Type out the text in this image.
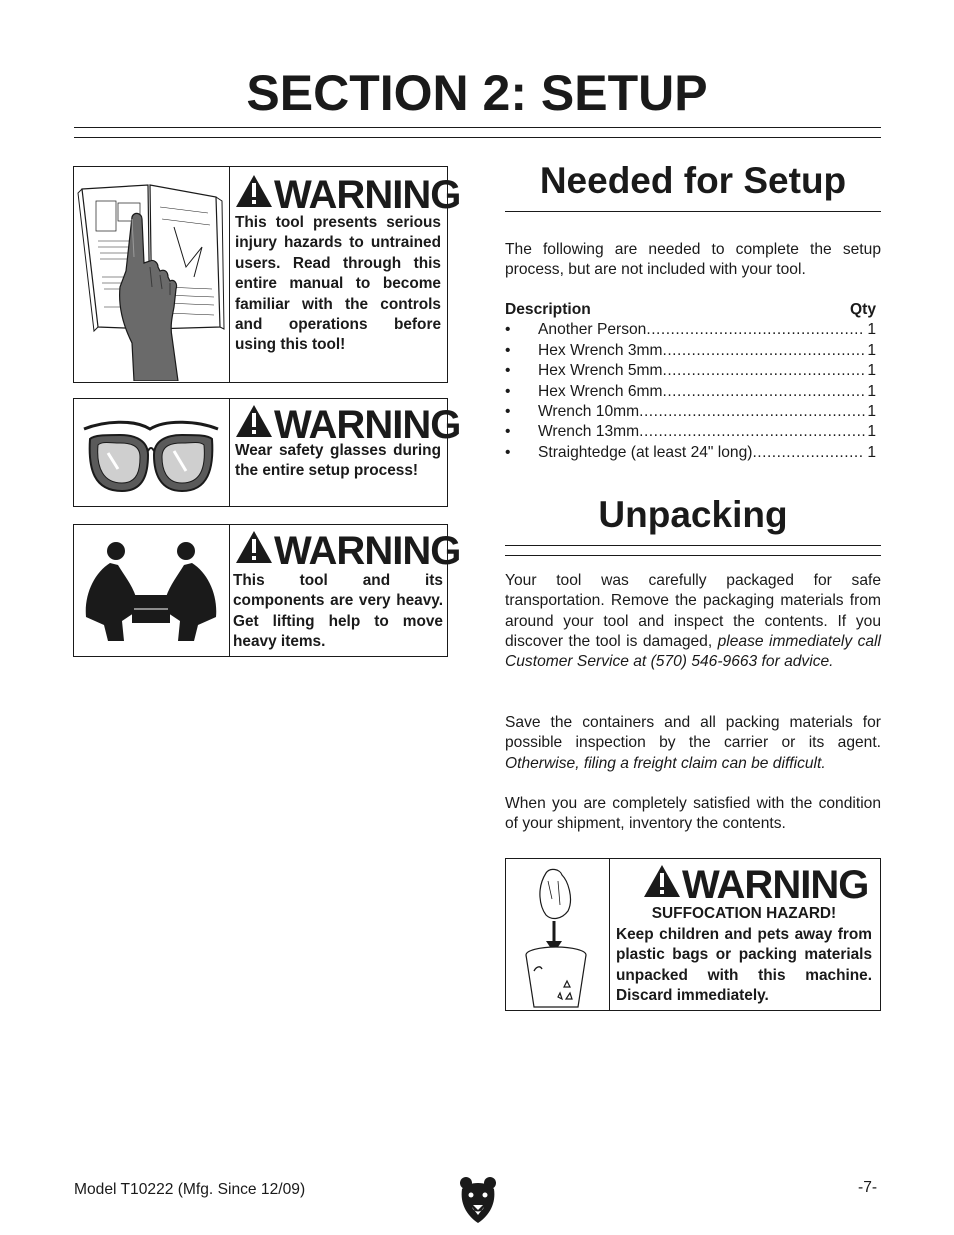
SECTION 2: SETUP
WARNING
This tool presents serious injury hazards to untrained users. Read through this entire manual to become familiar with the controls and operations before using this tool!
WARNING
Wear safety glasses during the entire setup process!
WARNING
This tool and its components are very heavy. Get lifting help to move heavy items.
Needed for Setup
The following are needed to complete the setup process, but are not included with your tool.
Description	Qty
•	Another Person .....	1
•	Hex Wrench 3mm .....	1
•	Hex Wrench 5mm .....	1
•	Hex Wrench 6mm .....	1
•	Wrench 10mm .....	1
•	Wrench 13mm .....	1
•	Straightedge (at least 24" long) .....	1
Unpacking
Your tool was carefully packaged for safe transportation. Remove the packaging materials from around your tool and inspect the contents. If you discover the tool is damaged, please immediately call Customer Service at (570) 546-9663 for advice.
Save the containers and all packing materials for possible inspection by the carrier or its agent. Otherwise, filing a freight claim can be difficult.
When you are completely satisfied with the condition of your shipment, inventory the contents.
WARNING
SUFFOCATION HAZARD!
Keep children and pets away from plastic bags or packing materials unpacked with this machine. Discard immediately.
Model T10222 (Mfg. Since 12/09)	-7-
